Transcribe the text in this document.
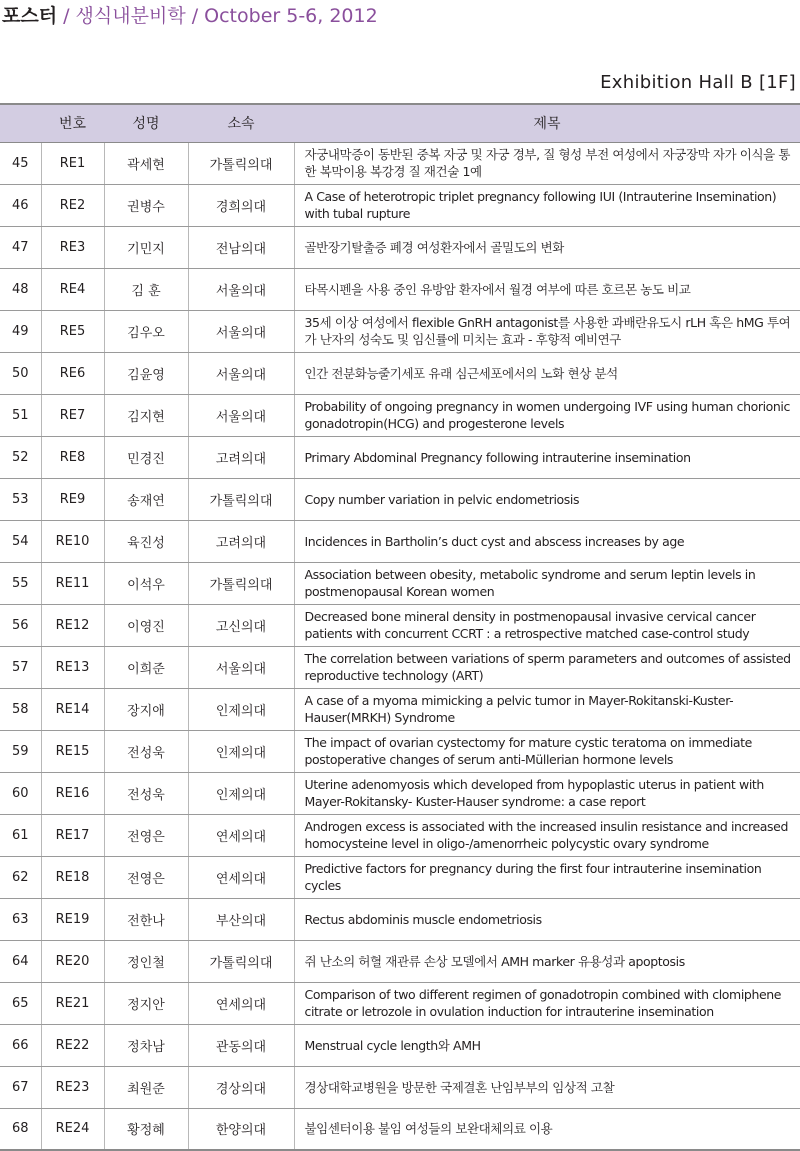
포스터 / 생식내분비학 / October 5-6, 2012
Exhibition Hall B [1F]
	번호	성명	소속	제목
45	RE1	곽세현	가톨릭의대	자궁내막증이 동반된 중복 자궁 및 자궁 경부, 질 형성 부전 여성에서 자궁장막 자가 이식을 통한 복막이용 복강경 질 재건술 1예
46	RE2	권병수	경희의대	A Case of heterotropic triplet pregnancy following IUI (Intrauterine Insemination) with tubal rupture
47	RE3	기민지	전남의대	골반장기탈출증 폐경 여성환자에서 골밀도의 변화
48	RE4	김 훈	서울의대	타목시펜을 사용 중인 유방암 환자에서 월경 여부에 따른 호르몬 농도 비교
49	RE5	김우오	서울의대	35세 이상 여성에서 flexible GnRH antagonist를 사용한 과배란유도시 rLH 혹은 hMG 투여가 난자의 성숙도 및 임신률에 미치는 효과 - 후향적 예비연구
50	RE6	김윤영	서울의대	인간 전분화능줄기세포 유래 심근세포에서의 노화 현상 분석
51	RE7	김지현	서울의대	Probability of ongoing pregnancy in women undergoing IVF using human chorionic gonadotropin(HCG) and progesterone levels
52	RE8	민경진	고려의대	Primary Abdominal Pregnancy following intrauterine insemination
53	RE9	송재연	가톨릭의대	Copy number variation in pelvic endometriosis
54	RE10	육진성	고려의대	Incidences in Bartholin’s duct cyst and abscess increases by age
55	RE11	이석우	가톨릭의대	Association between obesity, metabolic syndrome and serum leptin levels in postmenopausal Korean women
56	RE12	이영진	고신의대	Decreased bone mineral density in postmenopausal invasive cervical cancer patients with concurrent CCRT : a retrospective matched case-control study
57	RE13	이희준	서울의대	The correlation between variations of sperm parameters and outcomes of assisted reproductive technology (ART)
58	RE14	장지애	인제의대	A case of a myoma mimicking a pelvic tumor in Mayer-Rokitanski-Kuster-Hauser(MRKH) Syndrome
59	RE15	전성욱	인제의대	The impact of ovarian cystectomy for mature cystic teratoma on immediate postoperative changes of serum anti-Müllerian hormone levels
60	RE16	전성욱	인제의대	Uterine adenomyosis which developed from hypoplastic uterus in patient with Mayer-Rokitansky- Kuster-Hauser syndrome: a case report
61	RE17	전영은	연세의대	Androgen excess is associated with the increased insulin resistance and increased homocysteine level in oligo-/amenorrheic polycystic ovary syndrome
62	RE18	전영은	연세의대	Predictive factors for pregnancy during the first four intrauterine insemination cycles
63	RE19	전한나	부산의대	Rectus abdominis muscle endometriosis
64	RE20	정인철	가톨릭의대	쥐 난소의 허혈 재관류 손상 모델에서 AMH marker 유용성과 apoptosis
65	RE21	정지안	연세의대	Comparison of two different regimen of gonadotropin combined with clomiphene citrate or letrozole in ovulation induction for intrauterine insemination
66	RE22	정차남	관동의대	Menstrual cycle length와 AMH
67	RE23	최원준	경상의대	경상대학교병원을 방문한 국제결혼 난임부부의 임상적 고찰
68	RE24	황정혜	한양의대	불임센터이용 불임 여성들의 보완대체의료 이용
